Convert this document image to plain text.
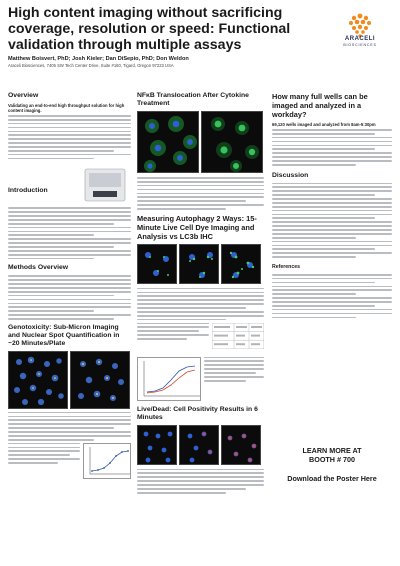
High content imaging without sacrificing coverage, resolution or speed: Functional validation through multiple assays
Matthew Boisvert, PhD; Josh Kieler; Dan DiSepio, PhD; Don Weldon
Araceli Biosciences, 7405 SW Tech Center Drive, Suite #160, Tigard, Oregon 97223 USA
ARACELI
BIOSCIENCES
Overview
Validating an end-to-end high throughput solution for high content imaging.
Introduction
Methods Overview
Genotoxicity: Sub-Micron Imaging and Nuclear Spot Quantification in ~20 Minutes/Plate
NFκB Translocation After Cytokine Treatment
Measuring Autophagy 2 Ways: 15-Minute Live Cell Dye Imaging and Analysis vs LC3b IHC
Live/Dead: Cell Positivity Results in 6 Minutes
How many full wells can be imaged and analyzed in a workday?
69,120 wells imaged and analyzed from 8am-5:30pm
Discussion
References
LEARN MORE AT
BOOTH # 700
Download the Poster Here
